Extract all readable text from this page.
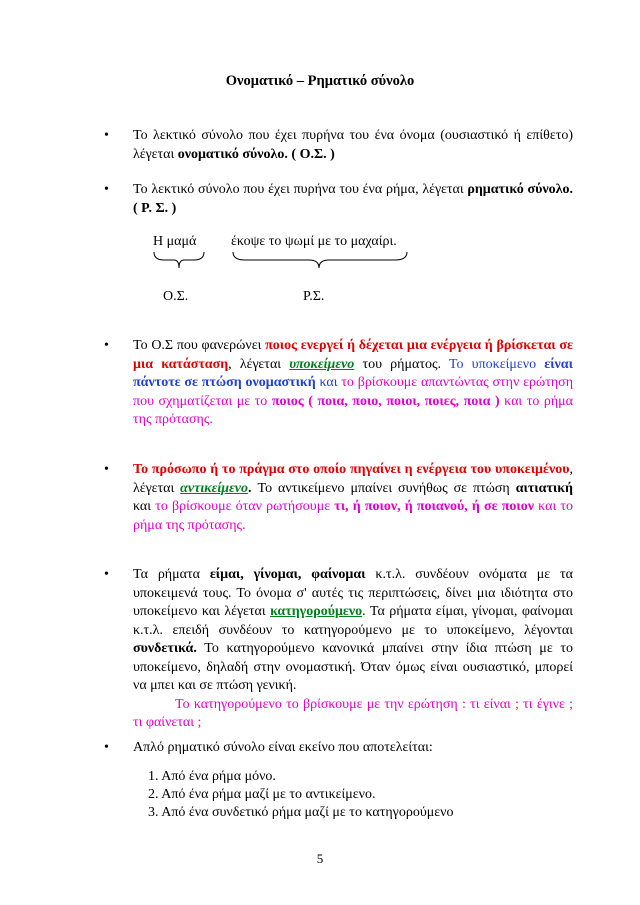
Ονοματικό – Ρηματικό σύνολο
• Το λεκτικό σύνολο που έχει πυρήνα του ένα όνομα (ουσιαστικό ή επίθετο) λέγεται ονοματικό σύνολο. ( Ο.Σ. )
• Το λεκτικό σύνολο που έχει πυρήνα του ένα ρήμα, λέγεται ρηματικό σύνολο. ( Ρ. Σ. )
Η μαμά έκοψε το ψωμί με το μαχαίρι.
Ο.Σ.	Ρ.Σ.
• Το Ο.Σ που φανερώνει ποιος ενεργεί ή δέχεται μια ενέργεια ή βρίσκεται σε μια κατάσταση, λέγεται υποκείμενο του ρήματος. Το υποκείμενο είναι πάντοτε σε πτώση ονομαστική και το βρίσκουμε απαντώντας στην ερώτηση που σχηματίζεται με το ποιος ( ποια, ποιο, ποιοι, ποιες, ποια ) και το ρήμα της πρότασης.
• Το πρόσωπο ή το πράγμα στο οποίο πηγαίνει η ενέργεια του υποκειμένου, λέγεται αντικείμενο. Το αντικείμενο μπαίνει συνήθως σε πτώση αιτιατική και το βρίσκουμε όταν ρωτήσουμε τι, ή ποιον, ή ποιανού, ή σε ποιον και το ρήμα της πρότασης.
• Τα ρήματα είμαι, γίνομαι, φαίνομαι κ.τ.λ. συνδέουν ονόματα με τα υποκειμενά τους. Το όνομα σ' αυτές τις περιπτώσεις, δίνει μια ιδιότητα στο υποκείμενο και λέγεται κατηγορούμενο. Τα ρήματα είμαι, γίνομαι, φαίνομαι κ.τ.λ. επειδή συνδέουν το κατηγορούμενο με το υποκείμενο, λέγονται συνδετικά. Το κατηγορούμενο κανονικά μπαίνει στην ίδια πτώση με το υποκείμενο, δηλαδή στην ονομαστική. Όταν όμως είναι ουσιαστικό, μπορεί να μπει και σε πτώση γενική.
Το κατηγορούμενο το βρίσκουμε με την ερώτηση : τι είναι ; τι έγινε ; τι φαίνεται ;
• Απλό ρηματικό σύνολο είναι εκείνο που αποτελείται:
1. Από ένα ρήμα μόνο.
2. Από ένα ρήμα μαζί με το αντικείμενο.
3. Από ένα συνδετικό ρήμα μαζί με το κατηγορούμενο
5
